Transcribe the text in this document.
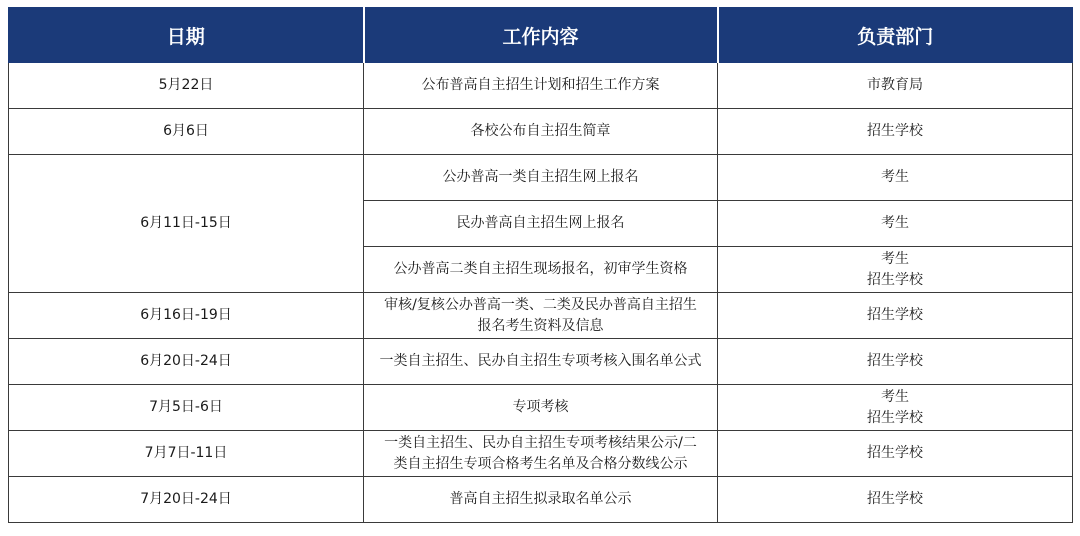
日期	工作内容	负责部门
5月22日	公布普高自主招生计划和招生工作方案	市教育局

6月6日	各校公布自主招生简章	招生学校

6月11日-15日	公办普高一类自主招生网上报名	考生

	民办普高自主招生网上报名	考生

	公办普高二类自主招生现场报名，初审学生资格	考生
招生学校

6月16日-19日	审核/复核公办普高一类、二类及民办普高自主招生
报名考生资料及信息	招生学校

6月20日-24日	一类自主招生、民办自主招生专项考核入围名单公式	招生学校

7月5日-6日	专项考核	考生
招生学校

7月7日-11日	一类自主招生、民办自主招生专项考核结果公示/二
类自主招生专项合格考生名单及合格分数线公示	招生学校

7月20日-24日	普高自主招生拟录取名单公示	招生学校
